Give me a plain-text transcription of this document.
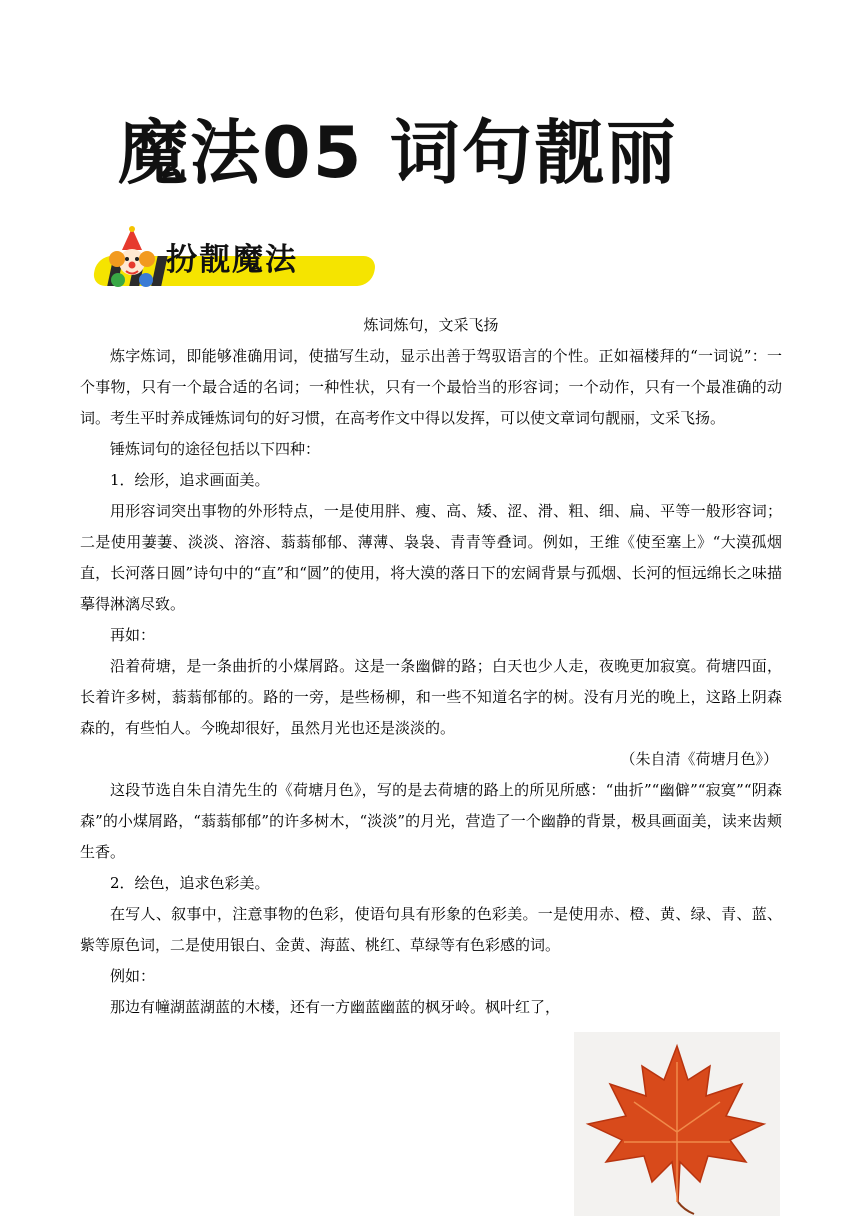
魔法05 词句靓丽
扮靓魔法

炼词炼句，文采飞扬

炼字炼词，即能够准确用词，使描写生动，显示出善于驾驭语言的个性。正如福楼拜的“一词说”：一个事物，只有一个最合适的名词；一种性状，只有一个最恰当的形容词；一个动作，只有一个最准确的动词。考生平时养成锤炼词句的好习惯，在高考作文中得以发挥，可以使文章词句靓丽，文采飞扬。

锤炼词句的途径包括以下四种：

1．绘形，追求画面美。

用形容词突出事物的外形特点，一是使用胖、瘦、高、矮、涩、滑、粗、细、扁、平等一般形容词；二是使用萋萋、淡淡、溶溶、蓊蓊郁郁、薄薄、袅袅、青青等叠词。例如，王维《使至塞上》“大漠孤烟直，长河落日圆”诗句中的“直”和“圆”的使用，将大漠的落日下的宏阔背景与孤烟、长河的恒远绵长之味描摹得淋漓尽致。

再如：

沿着荷塘，是一条曲折的小煤屑路。这是一条幽僻的路；白天也少人走，夜晚更加寂寞。荷塘四面，长着许多树，蓊蓊郁郁的。路的一旁，是些杨柳，和一些不知道名字的树。没有月光的晚上，这路上阴森森的，有些怕人。今晚却很好，虽然月光也还是淡淡的。

（朱自清《荷塘月色》）

这段节选自朱自清先生的《荷塘月色》，写的是去荷塘的路上的所见所感：“曲折”“幽僻”“寂寞”“阴森森”的小煤屑路，“蓊蓊郁郁”的许多树木，“淡淡”的月光，营造了一个幽静的背景，极具画面美，读来齿颊生香。

2．绘色，追求色彩美。

在写人、叙事中，注意事物的色彩，使语句具有形象的色彩美。一是使用赤、橙、黄、绿、青、蓝、紫等原色词，二是使用银白、金黄、海蓝、桃红、草绿等有色彩感的词。

例如：

那边有幢湖蓝湖蓝的木楼，还有一方幽蓝幽蓝的枫牙岭。枫叶红了，
